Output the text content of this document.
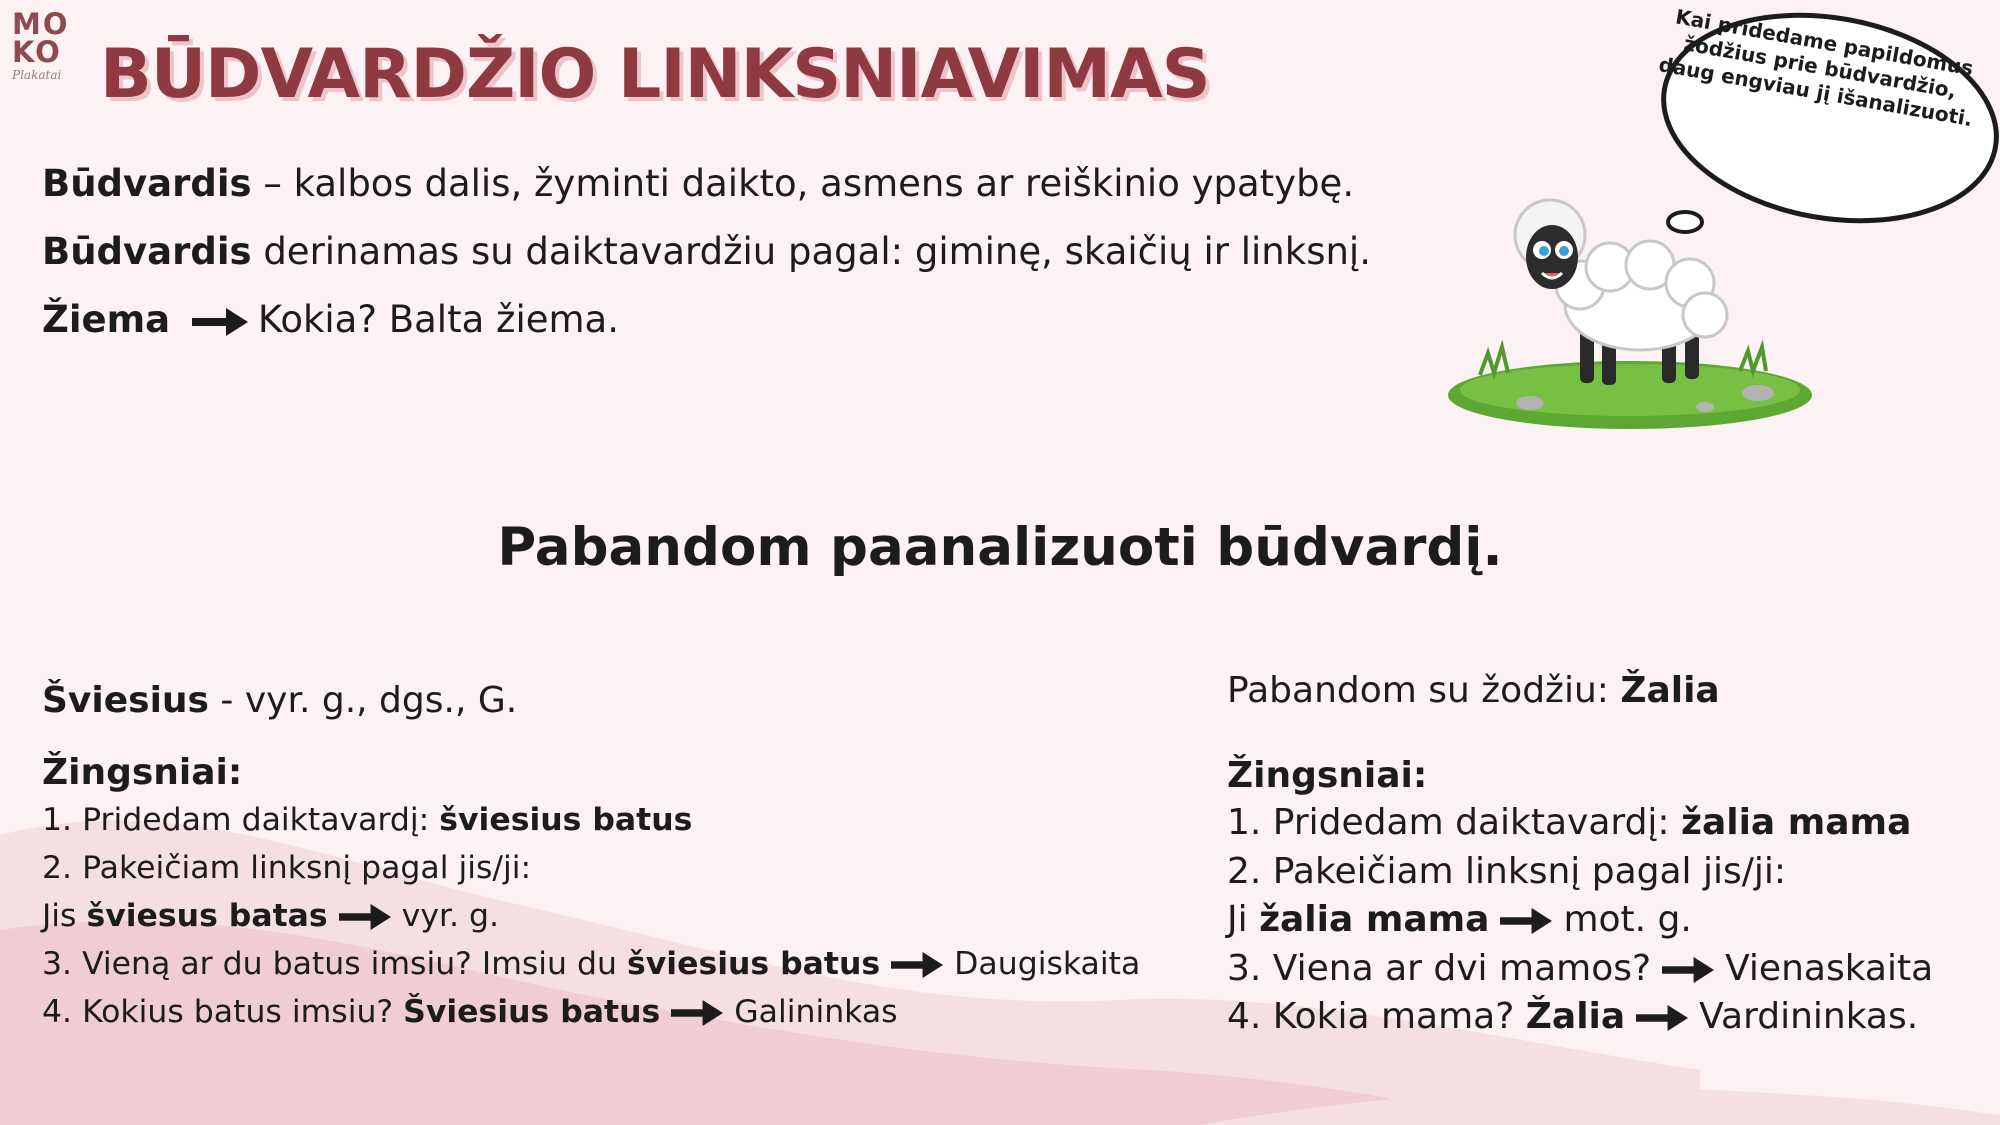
MO
KO
Plakatai BŪDVARDŽIO LINKSNIAVIMAS
Būdvardis – kalbos dalis, žyminti daikto, asmens ar reiškinio ypatybę.
Būdvardis derinamas su daiktavardžiu pagal: giminę, skaičių ir linksnį.
Žiema Kokia? Balta žiema.
Kai pridedame papildomus žodžius prie būdvardžio, daug engviau jį išanalizuoti.
Pabandom paanalizuoti būdvardį.
Šviesius - vyr. g., dgs., G.
Žingsniai:
1. Pridedam daiktavardį: šviesius batus
2. Pakeičiam linksnį pagal jis/ji:
Jis šviesus batas vyr. g.
3. Vieną ar du batus imsiu? Imsiu du šviesius batus Daugiskaita
4. Kokius batus imsiu? Šviesius batus Galininkas
Pabandom su žodžiu: Žalia
Žingsniai:
1. Pridedam daiktavardį: žalia mama
2. Pakeičiam linksnį pagal jis/ji:
Ji žalia mama mot. g.
3. Viena ar dvi mamos? Vienaskaita
4. Kokia mama? Žalia Vardininkas.
